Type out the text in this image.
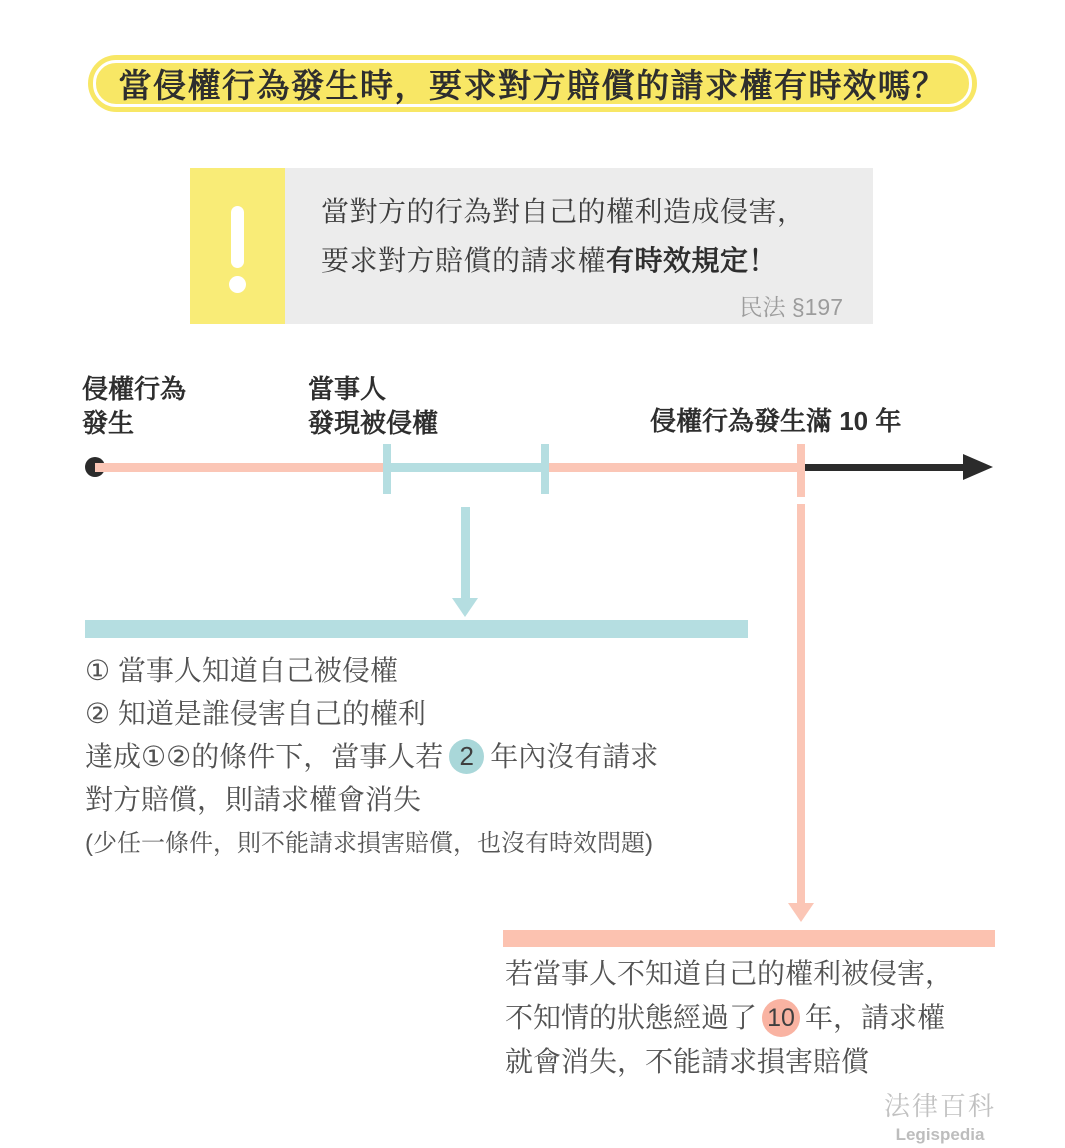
當侵權行為發生時，要求對方賠償的請求權有時效嗎？
當對方的行為對自己的權利造成侵害，
要求對方賠償的請求權有時效規定！
民法 §197
侵權行為
發生
當事人
發現被侵權	侵權行為發生滿 10 年
① 當事人知道自己被侵權
② 知道是誰侵害自己的權利
達成①②的條件下，當事人若 2 年內沒有請求
對方賠償，則請求權會消失
(少任一條件，則不能請求損害賠償，也沒有時效問題)
若當事人不知道自己的權利被侵害，
不知情的狀態經過了 10 年，請求權
就會消失，不能請求損害賠償
法律百科
Legispedia
